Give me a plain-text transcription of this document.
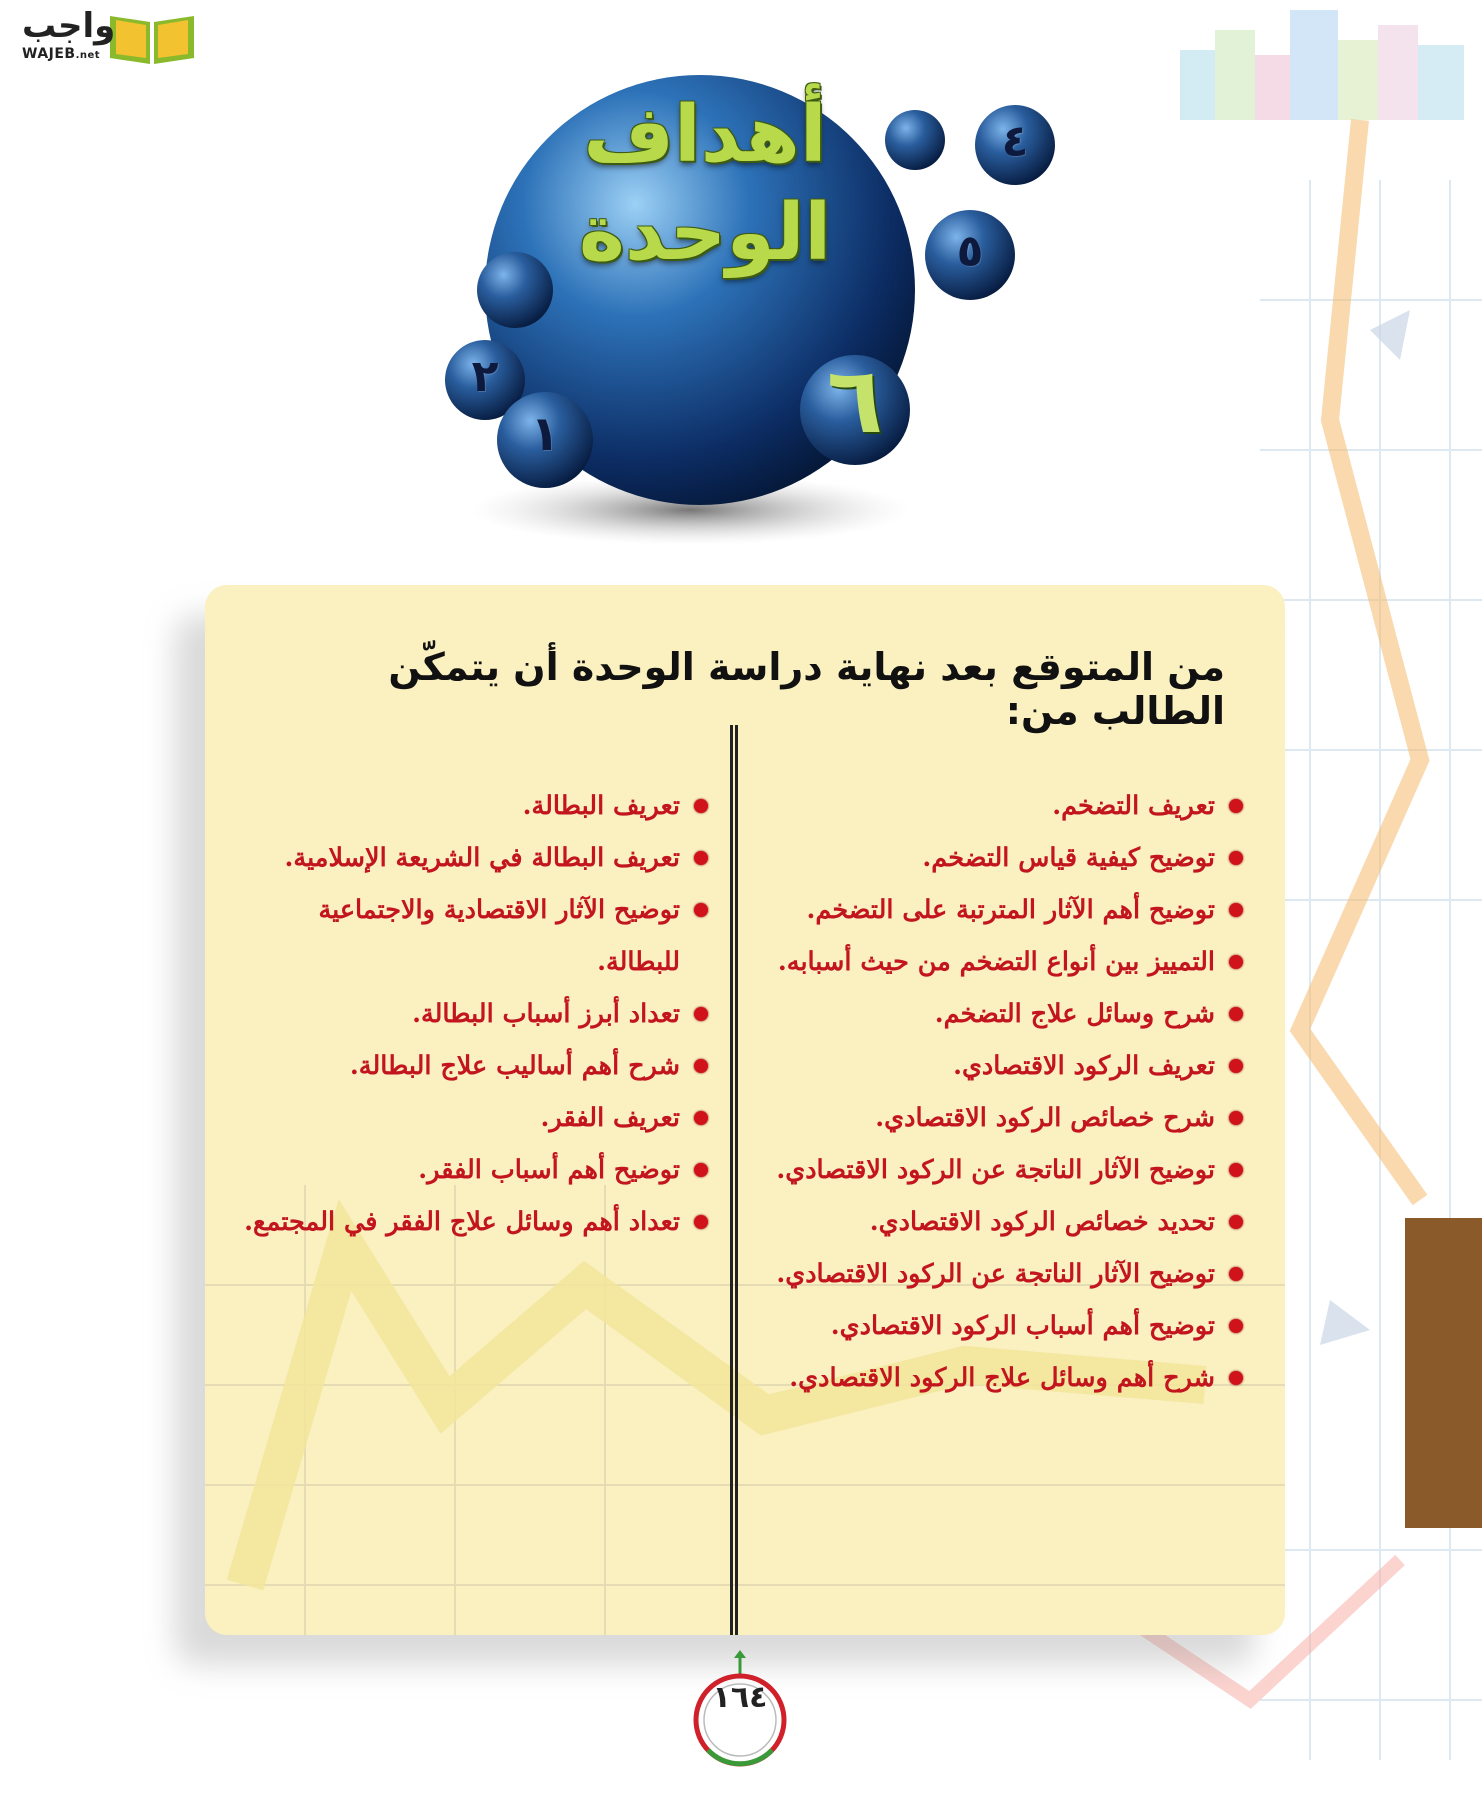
واجب
WAJEB.net
أهداف
الوحدة
٦
١
٢
٤
٥
من المتوقع بعد نهاية دراسة الوحدة أن يتمكّن الطالب من:
تعريف التضخم.
توضيح كيفية قياس التضخم.
توضيح أهم الآثار المترتبة على التضخم.
التمييز بين أنواع التضخم من حيث أسبابه.
شرح وسائل علاج التضخم.
تعريف الركود الاقتصادي.
شرح خصائص الركود الاقتصادي.
توضيح الآثار الناتجة عن الركود الاقتصادي.
تحديد خصائص الركود الاقتصادي.
توضيح الآثار الناتجة عن الركود الاقتصادي.
توضيح أهم أسباب الركود الاقتصادي.
شرح أهم وسائل علاج الركود الاقتصادي.
تعريف البطالة.
تعريف البطالة في الشريعة الإسلامية.
توضيح الآثار الاقتصادية والاجتماعية للبطالة.
تعداد أبرز أسباب البطالة.
شرح أهم أساليب علاج البطالة.
تعريف الفقر.
توضيح أهم أسباب الفقر.
تعداد أهم وسائل علاج الفقر في المجتمع.
١٦٤
